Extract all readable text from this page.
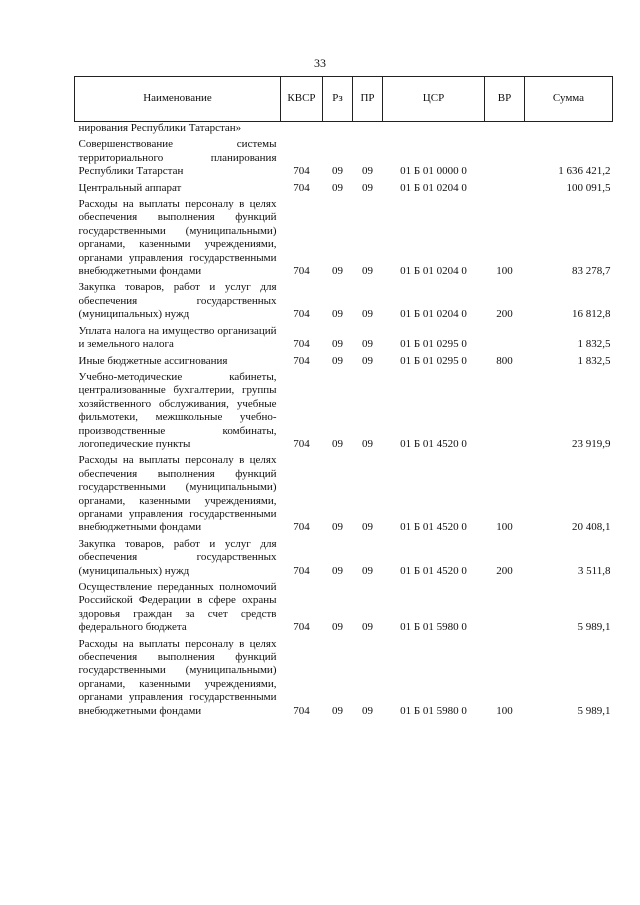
33
Наименование	КВСР	Рз	ПР	ЦСР	ВР	Сумма
нирования Республики Татарстан»						
Совершенствование системы территориального планирования Республики Татарстан	704	09	09	01 Б 01 0000 0		1 636 421,2
Центральный аппарат	704	09	09	01 Б 01 0204 0		100 091,5
Расходы на выплаты персоналу в целях обеспечения выполнения функций государственными (муниципальными) органами, казенными учреждениями, органами управления государственными внебюджетными фондами	704	09	09	01 Б 01 0204 0	100	83 278,7
Закупка товаров, работ и услуг для обеспечения государственных (муниципальных) нужд	704	09	09	01 Б 01 0204 0	200	16 812,8
Уплата налога на имущество организаций и земельного налога	704	09	09	01 Б 01 0295 0		1 832,5
Иные бюджетные ассигнования	704	09	09	01 Б 01 0295 0	800	1 832,5
Учебно-методические кабинеты, централизованные бухгалтерии, группы хозяйственного обслуживания, учебные фильмотеки, межшкольные учебно-производственные комбинаты, логопедические пункты	704	09	09	01 Б 01 4520 0		23 919,9
Расходы на выплаты персоналу в целях обеспечения выполнения функций государственными (муниципальными) органами, казенными учреждениями, органами управления государственными внебюджетными фондами	704	09	09	01 Б 01 4520 0	100	20 408,1
Закупка товаров, работ и услуг для обеспечения государственных (муниципальных) нужд	704	09	09	01 Б 01 4520 0	200	3 511,8
Осуществление переданных полномочий Российской Федерации в сфере охраны здоровья граждан за счет средств федерального бюджета	704	09	09	01 Б 01 5980 0		5 989,1
Расходы на выплаты персоналу в целях обеспечения выполнения функций государственными (муниципальными) органами, казенными учреждениями, органами управления государственными внебюджетными фондами	704	09	09	01 Б 01 5980 0	100	5 989,1
